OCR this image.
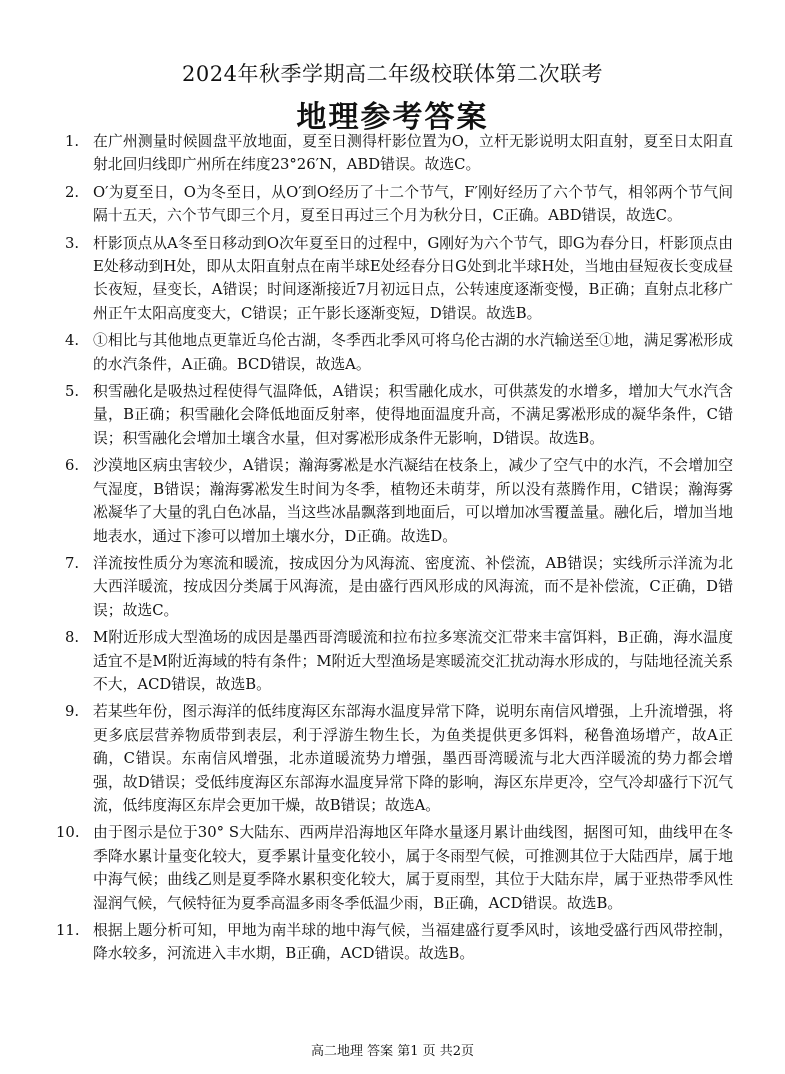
2024年秋季学期高二年级校联体第二次联考
地理参考答案
1. 在广州测量时候圆盘平放地面，夏至日测得杆影位置为O，立杆无影说明太阳直射，夏至日太阳直射北回归线即广州所在纬度23°26′N，ABD错误。故选C。
2. O′为夏至日，O为冬至日，从O′到O经历了十二个节气，F′刚好经历了六个节气，相邻两个节气间隔十五天，六个节气即三个月，夏至日再过三个月为秋分日，C正确。ABD错误，故选C。
3. 杆影顶点从A冬至日移动到O次年夏至日的过程中，G刚好为六个节气，即G为春分日，杆影顶点由E处移动到H处，即从太阳直射点在南半球E处经春分日G处到北半球H处，当地由昼短夜长变成昼长夜短，昼变长，A错误；时间逐渐接近7月初远日点，公转速度逐渐变慢，B正确；直射点北移广州正午太阳高度变大，C错误；正午影长逐渐变短，D错误。故选B。
4. ①相比与其他地点更靠近乌伦古湖，冬季西北季风可将乌伦古湖的水汽输送至①地，满足雾凇形成的水汽条件，A正确。BCD错误，故选A。
5. 积雪融化是吸热过程使得气温降低，A错误；积雪融化成水，可供蒸发的水增多，增加大气水汽含量，B正确；积雪融化会降低地面反射率，使得地面温度升高，不满足雾凇形成的凝华条件，C错误；积雪融化会增加土壤含水量，但对雾凇形成条件无影响，D错误。故选B。
6. 沙漠地区病虫害较少，A错误；瀚海雾凇是水汽凝结在枝条上，减少了空气中的水汽，不会增加空气湿度，B错误；瀚海雾凇发生时间为冬季，植物还未萌芽，所以没有蒸腾作用，C错误；瀚海雾凇凝华了大量的乳白色冰晶，当这些冰晶飘落到地面后，可以增加冰雪覆盖量。融化后，增加当地地表水，通过下渗可以增加土壤水分，D正确。故选D。
7. 洋流按性质分为寒流和暖流，按成因分为风海流、密度流、补偿流，AB错误；实线所示洋流为北大西洋暖流，按成因分类属于风海流，是由盛行西风形成的风海流，而不是补偿流，C正确，D错误；故选C。
8. M附近形成大型渔场的成因是墨西哥湾暖流和拉布拉多寒流交汇带来丰富饵料，B正确，海水温度适宜不是M附近海域的特有条件；M附近大型渔场是寒暖流交汇扰动海水形成的，与陆地径流关系不大，ACD错误，故选B。
9. 若某些年份，图示海洋的低纬度海区东部海水温度异常下降，说明东南信风增强，上升流增强，将更多底层营养物质带到表层，利于浮游生物生长，为鱼类提供更多饵料，秘鲁渔场增产，故A正确，C错误。东南信风增强，北赤道暖流势力增强，墨西哥湾暖流与北大西洋暖流的势力都会增强，故D错误；受低纬度海区东部海水温度异常下降的影响，海区东岸更冷，空气冷却盛行下沉气流，低纬度海区东岸会更加干燥，故B错误；故选A。
10. 由于图示是位于30° S大陆东、西两岸沿海地区年降水量逐月累计曲线图，据图可知，曲线甲在冬季降水累计量变化较大，夏季累计量变化较小，属于冬雨型气候，可推测其位于大陆西岸，属于地中海气候；曲线乙则是夏季降水累积变化较大，属于夏雨型，其位于大陆东岸，属于亚热带季风性湿润气候，气候特征为夏季高温多雨冬季低温少雨，B正确，ACD错误。故选B。
11. 根据上题分析可知，甲地为南半球的地中海气候，当福建盛行夏季风时，该地受盛行西风带控制，降水较多，河流进入丰水期，B正确，ACD错误。故选B。
高二地理 答案 第1 页 共2页
